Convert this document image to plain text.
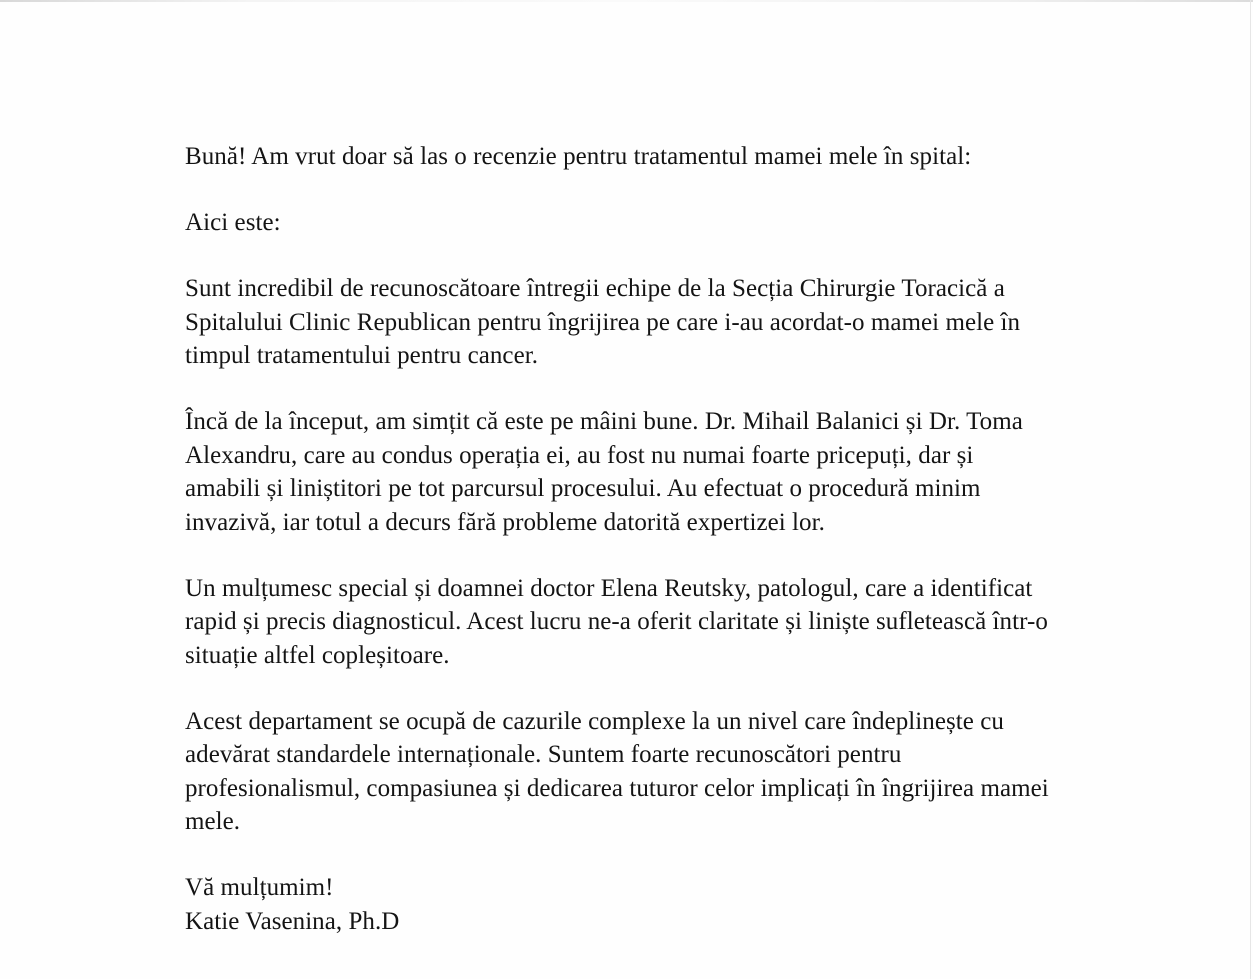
Bună! Am vrut doar să las o recenzie pentru tratamentul mamei mele în spital:

Aici este:

Sunt incredibil de recunoscătoare întregii echipe de la Secția Chirurgie Toracică a
Spitalului Clinic Republican pentru îngrijirea pe care i-au acordat-o mamei mele în
timpul tratamentului pentru cancer.

Încă de la început, am simțit că este pe mâini bune. Dr. Mihail Balanici și Dr. Toma
Alexandru, care au condus operația ei, au fost nu numai foarte pricepuți, dar și
amabili și liniștitori pe tot parcursul procesului. Au efectuat o procedură minim
invazivă, iar totul a decurs fără probleme datorită expertizei lor.

Un mulțumesc special și doamnei doctor Elena Reutsky, patologul, care a identificat
rapid și precis diagnosticul. Acest lucru ne-a oferit claritate și liniște sufletească într-o
situație altfel copleșitoare.

Acest departament se ocupă de cazurile complexe la un nivel care îndeplinește cu
adevărat standardele internaționale. Suntem foarte recunoscători pentru
profesionalismul, compasiunea și dedicarea tuturor celor implicați în îngrijirea mamei
mele.

Vă mulțumim!

Katie Vasenina, Ph.D
